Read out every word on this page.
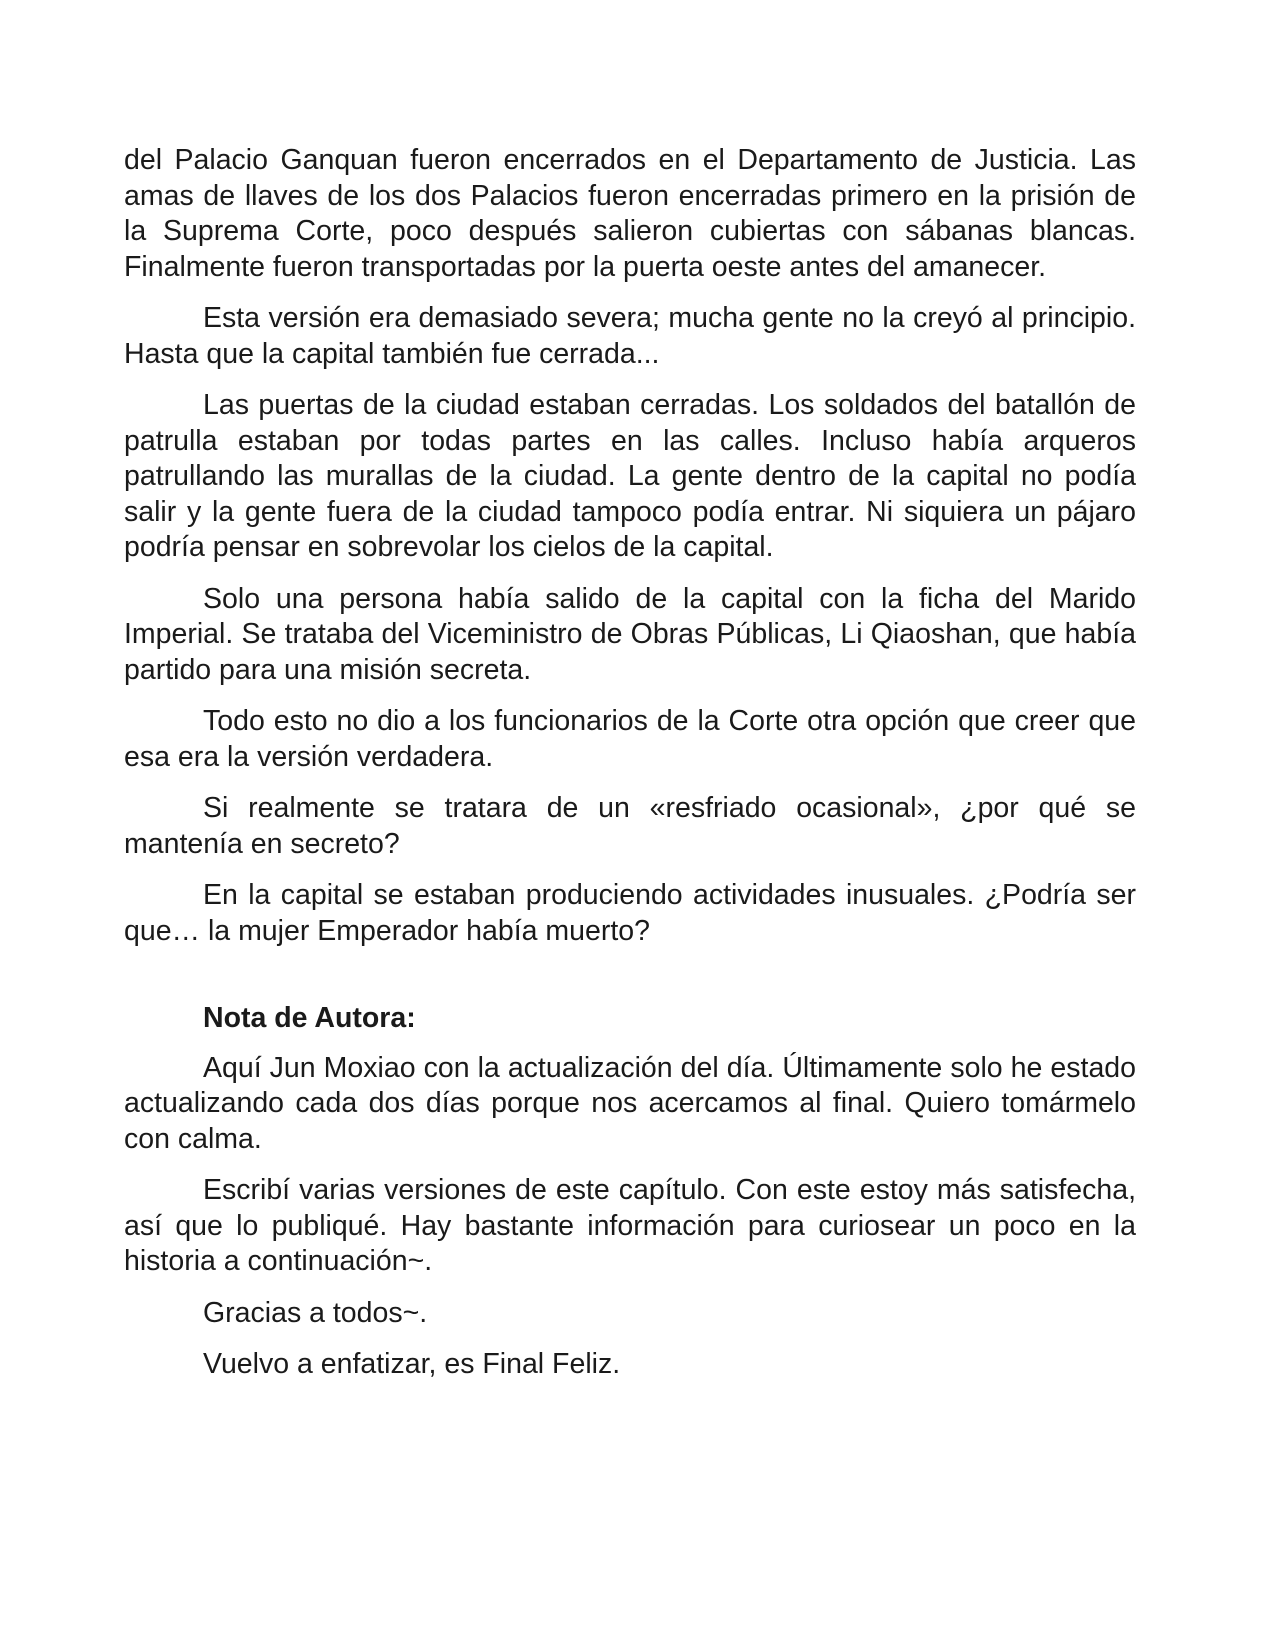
del Palacio Ganquan fueron encerrados en el Departamento de Justicia. Las amas de llaves de los dos Palacios fueron encerradas primero en la prisión de la Suprema Corte, poco después salieron cubiertas con sábanas blancas. Finalmente fueron transportadas por la puerta oeste antes del amanecer.

Esta versión era demasiado severa; mucha gente no la creyó al principio. Hasta que la capital también fue cerrada...

Las puertas de la ciudad estaban cerradas. Los soldados del batallón de patrulla estaban por todas partes en las calles. Incluso había arqueros patrullando las murallas de la ciudad. La gente dentro de la capital no podía salir y la gente fuera de la ciudad tampoco podía entrar. Ni siquiera un pájaro podría pensar en sobrevolar los cielos de la capital.

Solo una persona había salido de la capital con la ficha del Marido Imperial. Se trataba del Viceministro de Obras Públicas, Li Qiaoshan, que había partido para una misión secreta.

Todo esto no dio a los funcionarios de la Corte otra opción que creer que esa era la versión verdadera.

Si realmente se tratara de un «resfriado ocasional», ¿por qué se mantenía en secreto?

En la capital se estaban produciendo actividades inusuales. ¿Podría ser que… la mujer Emperador había muerto?

Nota de Autora:

Aquí Jun Moxiao con la actualización del día. Últimamente solo he estado actualizando cada dos días porque nos acercamos al final. Quiero tomármelo con calma.

Escribí varias versiones de este capítulo. Con este estoy más satisfecha, así que lo publiqué. Hay bastante información para curiosear un poco en la historia a continuación~.

Gracias a todos~.

Vuelvo a enfatizar, es Final Feliz.
